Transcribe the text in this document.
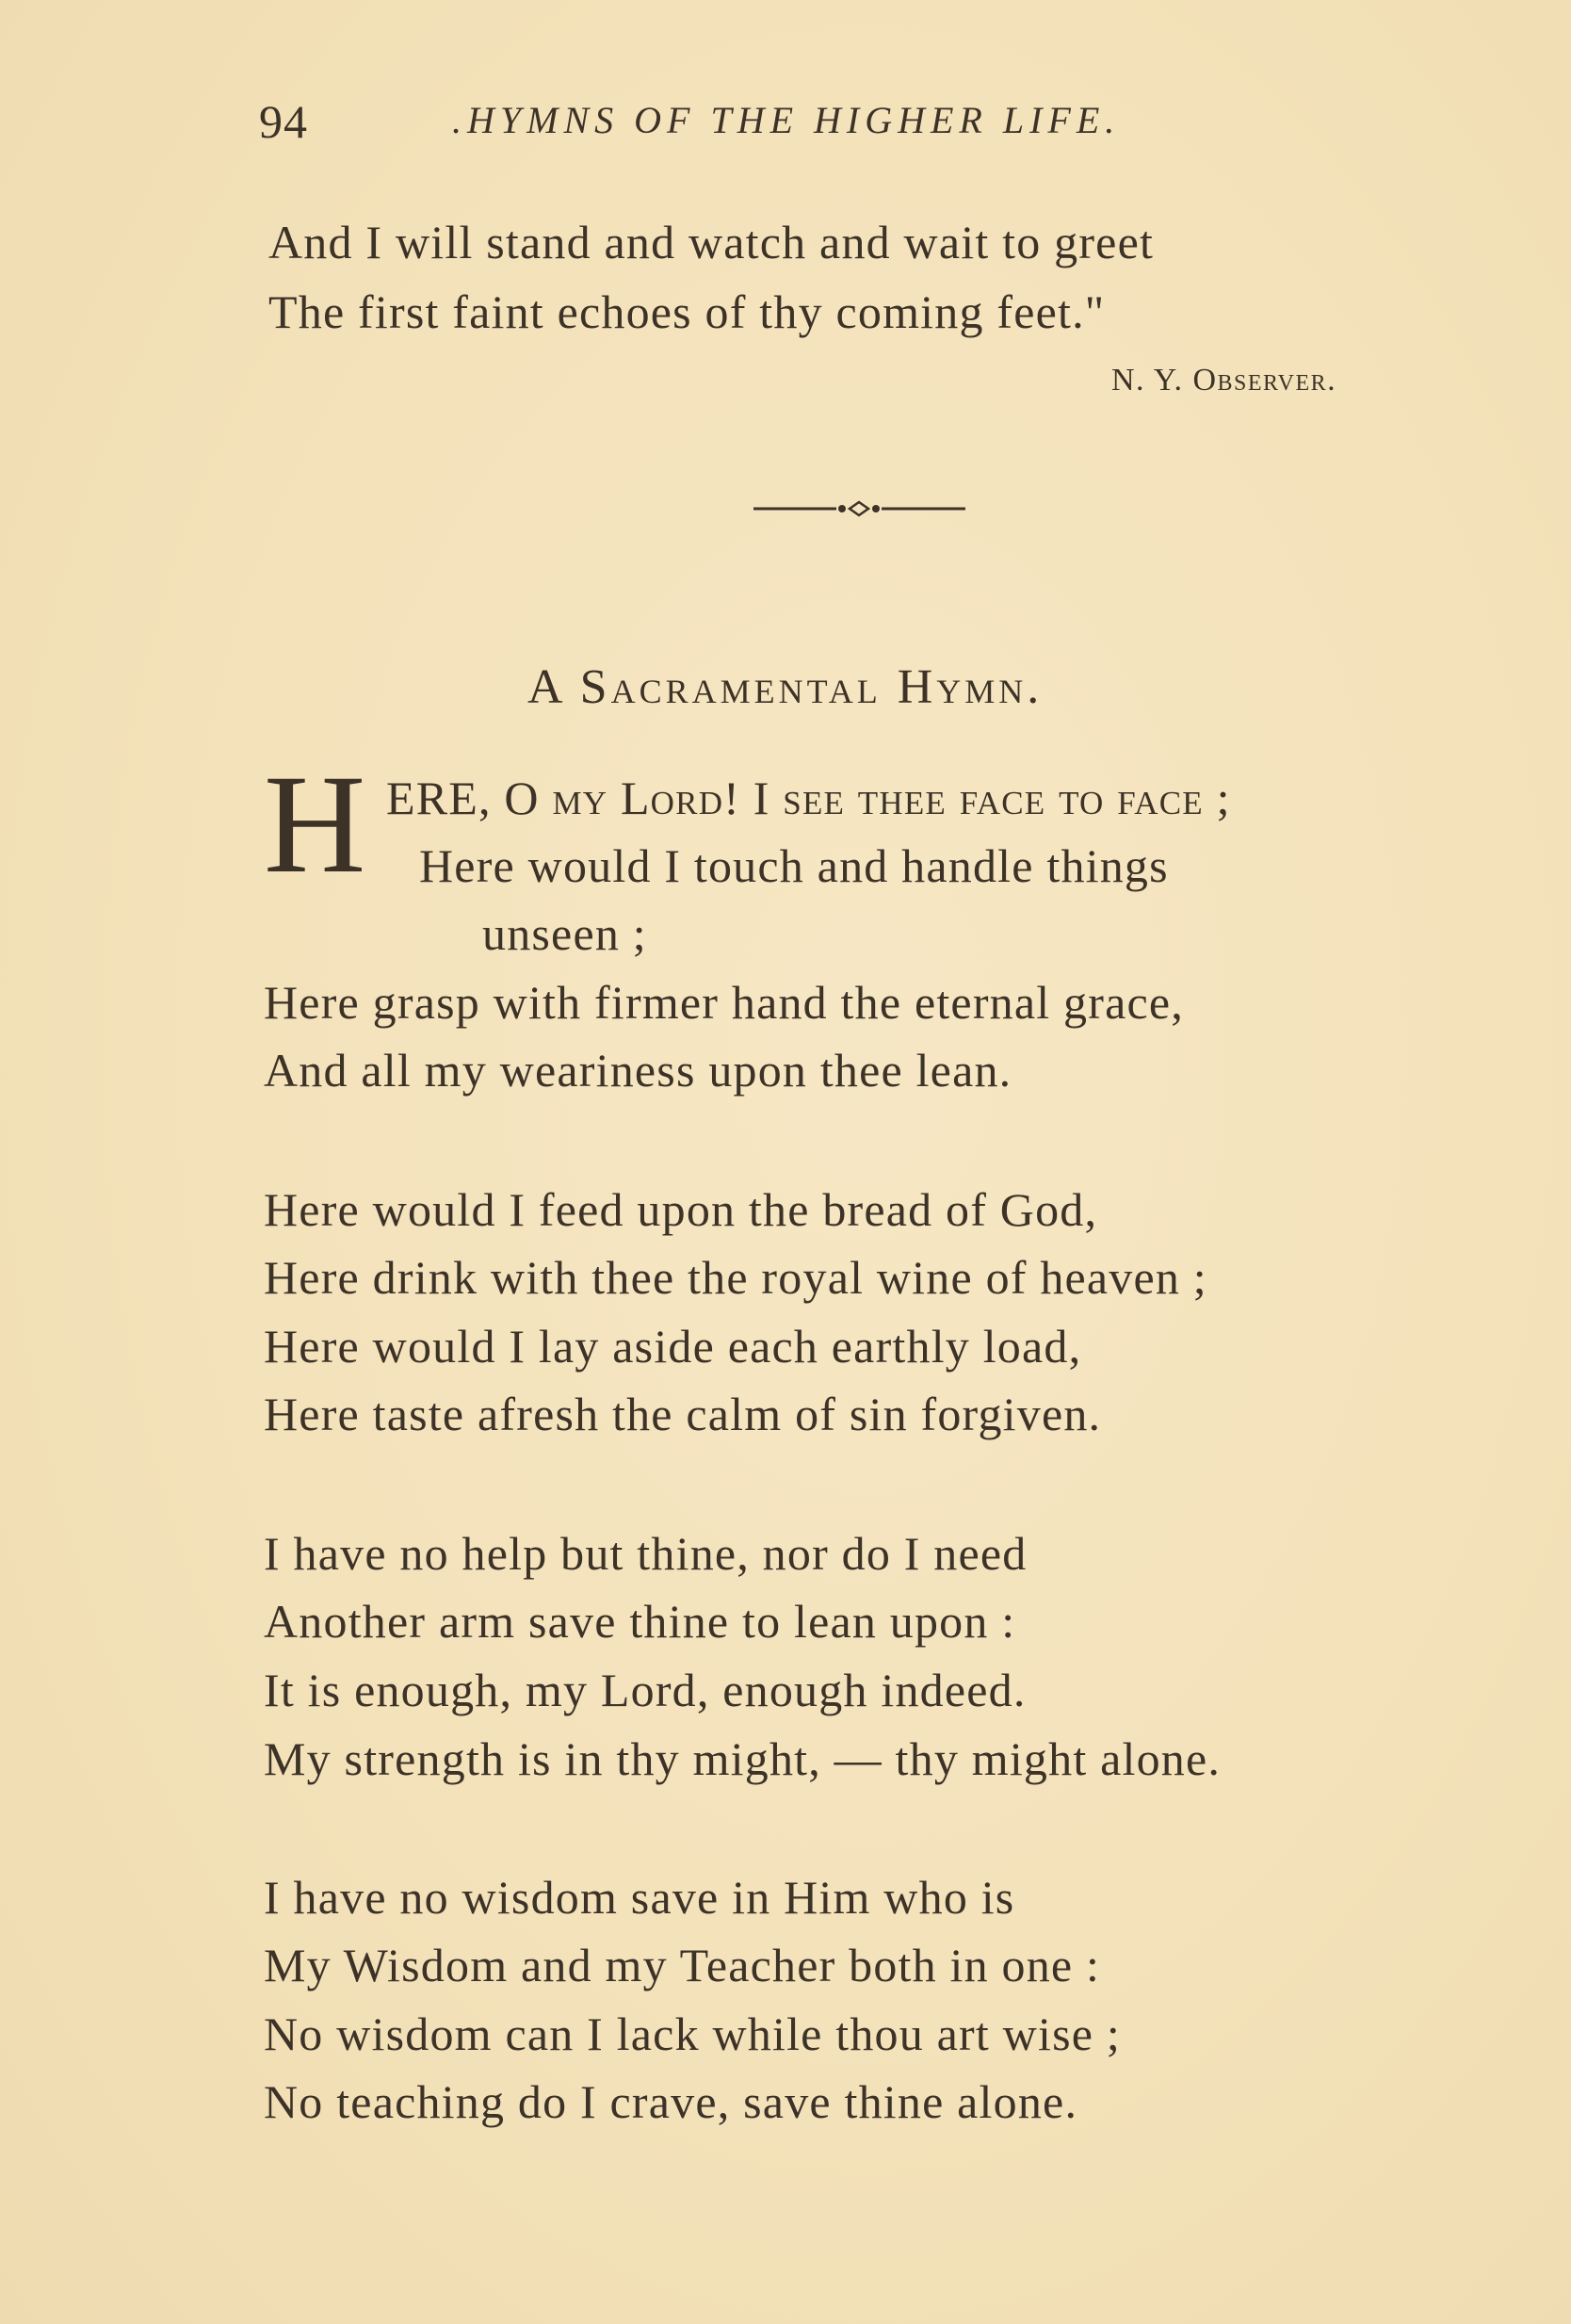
94	.HYMNS OF THE HIGHER LIFE.
And I will stand and watch and wait to greet
The first faint echoes of thy coming feet."
N. Y. Observer.
A Sacramental Hymn.
H ERE, O my Lord! I see thee face to face ;
Here would I touch and handle things
unseen ;
Here grasp with firmer hand the eternal grace,
And all my weariness upon thee lean.
Here would I feed upon the bread of God,
Here drink with thee the royal wine of heaven ;
Here would I lay aside each earthly load,
Here taste afresh the calm of sin forgiven.
I have no help but thine, nor do I need
Another arm save thine to lean upon :
It is enough, my Lord, enough indeed.
My strength is in thy might, — thy might alone.
I have no wisdom save in Him who is
My Wisdom and my Teacher both in one :
No wisdom can I lack while thou art wise ;
No teaching do I crave, save thine alone.
